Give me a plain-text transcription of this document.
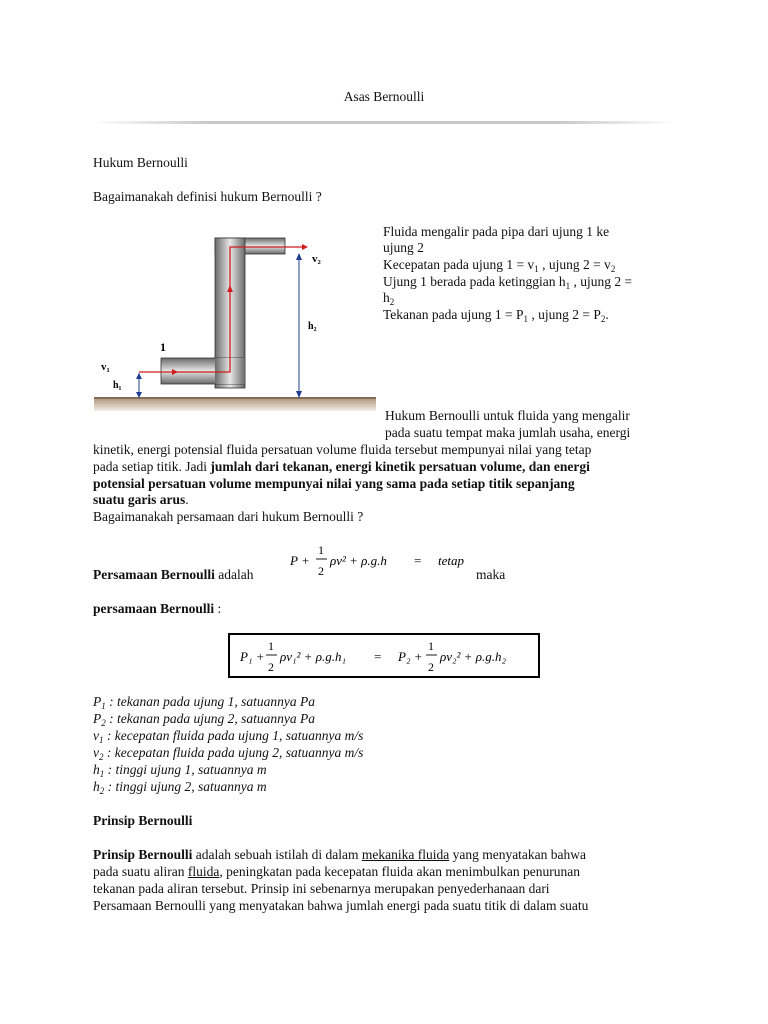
Asas Bernoulli
Hukum Bernoulli
Bagaimanakah definisi hukum Bernoulli ?
Fluida mengalir pada pipa dari ujung 1 ke
ujung 2
Kecepatan pada ujung $1 = v_1$ , ujung $2 = v_2$
Ujung 1 berada pada ketinggian $h_1$ , ujung 2 =
$h_2$
Tekanan pada ujung $1 = P_1$ , ujung $2 = P_2$.
v₂
v₁
1
h₁
h₂
Hukum Bernoulli untuk fluida yang mengalir
pada suatu tempat maka jumlah usaha, energi
kinetik, energi potensial fluida persatuan volume fluida tersebut mempunyai nilai yang tetap
pada setiap titik. Jadi jumlah dari tekanan, energi kinetik persatuan volume, dan energi
potensial persatuan volume mempunyai nilai yang sama pada setiap titik sepanjang
suatu garis arus.
Bagaimanakah persamaan dari hukum Bernoulli ?
Persamaan Bernoulli adalah	maka
P +
1
2
ρv² + ρ.g.h = tetap
persamaan Bernoulli :
P₁ +
1
2
ρv₁² + ρ.g.h₁ = P₂ +
1
2
ρv₂² + ρ.g.h₂
$P_1$ : tekanan pada ujung 1, satuannya Pa
$P_2$ : tekanan pada ujung 2, satuannya Pa
$v_1$ : kecepatan fluida pada ujung 1, satuannya m/s
$v_2$ : kecepatan fluida pada ujung 2, satuannya m/s
$h_1$ : tinggi ujung 1, satuannya m
$h_2$ : tinggi ujung 2, satuannya m
Prinsip Bernoulli
Prinsip Bernoulli adalah sebuah istilah di dalam mekanika fluida yang menyatakan bahwa
pada suatu aliran fluida, peningkatan pada kecepatan fluida akan menimbulkan penurunan
tekanan pada aliran tersebut. Prinsip ini sebenarnya merupakan penyederhanaan dari
Persamaan Bernoulli yang menyatakan bahwa jumlah energi pada suatu titik di dalam suatu
